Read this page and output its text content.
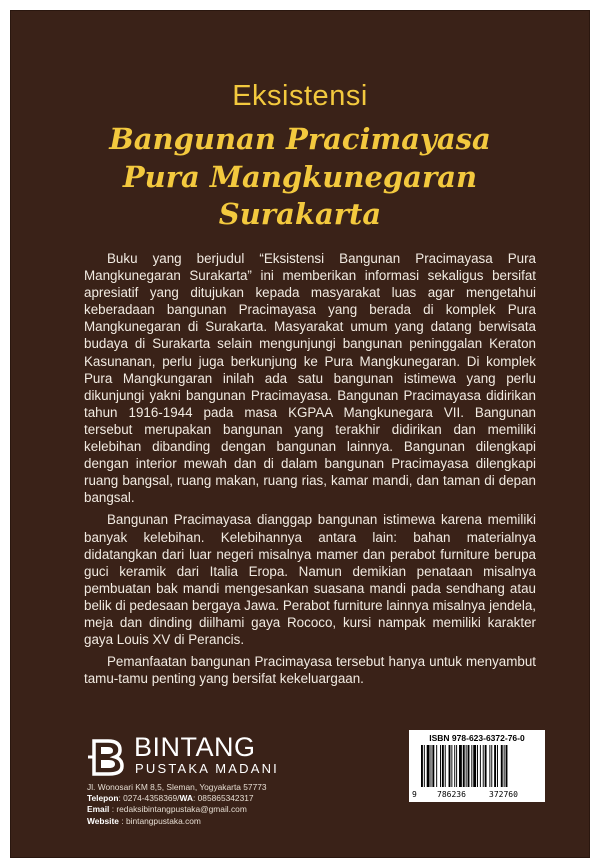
Eksistensi
Bangunan Pracimayasa
Pura Mangkunegaran
Surakarta

Buku yang berjudul “Eksistensi Bangunan Pracimayasa Pura Mangkunegaran Surakarta” ini memberikan informasi sekaligus bersifat apresiatif yang ditujukan kepada masyarakat luas agar mengetahui keberadaan bangunan Pracimayasa yang berada di komplek Pura Mangkunegaran di Surakarta. Masyarakat umum yang datang berwisata budaya di Surakarta selain mengunjungi bangunan peninggalan Keraton Kasunanan, perlu juga berkunjung ke Pura Mangkunegaran. Di komplek Pura Mangkungaran inilah ada satu bangunan istimewa yang perlu dikunjungi yakni bangunan Pracimayasa. Bangunan Pracimayasa didirikan tahun 1916-1944 pada masa KGPAA Mangkunegara VII. Bangunan tersebut merupakan bangunan yang terakhir didirikan dan memiliki kelebihan dibanding dengan bangunan lainnya. Bangunan dilengkapi dengan interior mewah dan di dalam bangunan Pracimayasa dilengkapi ruang bangsal, ruang makan, ruang rias, kamar mandi, dan taman di depan bangsal.

Bangunan Pracimayasa dianggap bangunan istimewa karena memiliki banyak kelebihan. Kelebihannya antara lain: bahan materialnya didatangkan dari luar negeri misalnya mamer dan perabot furniture berupa guci keramik dari Italia Eropa. Namun demikian penataan misalnya pembuatan bak mandi mengesankan suasana mandi pada sendhang atau belik di pedesaan bergaya Jawa. Perabot furniture lainnya misalnya jendela, meja dan dinding diilhami gaya Rococo, kursi nampak memiliki karakter gaya Louis XV di Perancis.

Pemanfaatan bangunan Pracimayasa tersebut hanya untuk menyambut tamu-tamu penting yang bersifat kekeluargaan.

BINTANG
PUSTAKA MADANI
Jl. Wonosari KM 8,5, Sleman, Yogyakarta 57773
Telepon: 0274-4358369/WA: 085865342317
Email : redaksibintangpustaka@gmail.com
Website : bintangpustaka.com
ISBN 978-623-6372-76-0
9	786236	372760
